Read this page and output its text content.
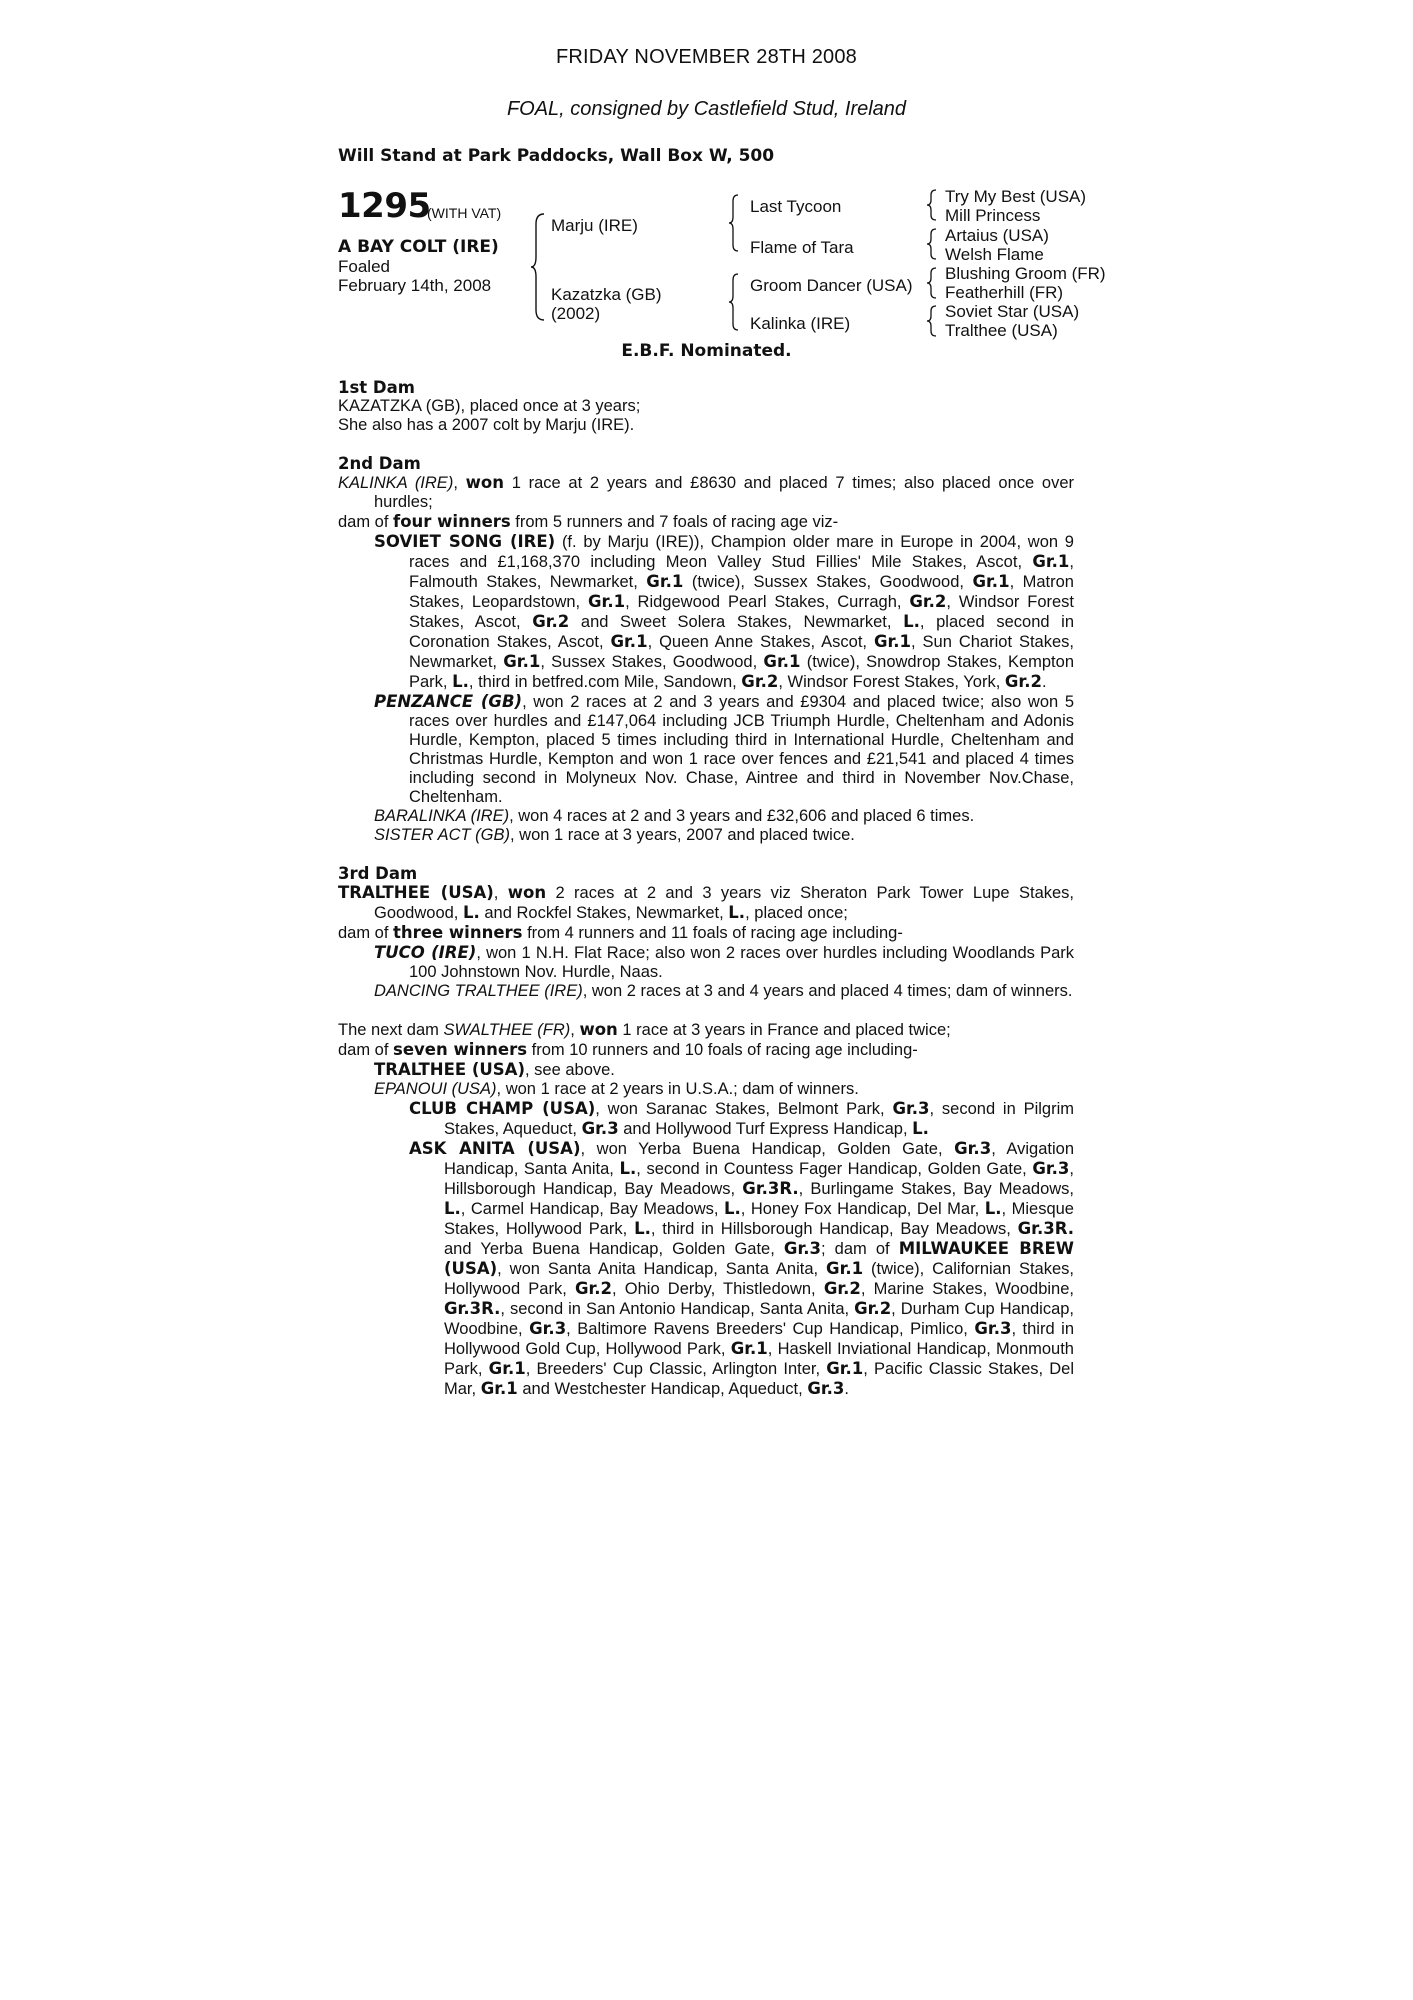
FRIDAY NOVEMBER 28TH 2008
FOAL, consigned by Castlefield Stud, Ireland
Will Stand at Park Paddocks, Wall Box W, 500
1295
(WITH VAT)
A BAY COLT (IRE)
Foaled
February 14th, 2008
Marju (IRE)
Kazatzka (GB)
(2002)
Last Tycoon
Flame of Tara
Groom Dancer (USA)
Kalinka (IRE)
Try My Best (USA)
Mill Princess
Artaius (USA)
Welsh Flame
Blushing Groom (FR)
Featherhill (FR)
Soviet Star (USA)
Tralthee (USA)
E.B.F. Nominated.

1st Dam

KAZATZKA (GB), placed once at 3 years;

She also has a 2007 colt by Marju (IRE).

2nd Dam

KALINKA (IRE), won 1 race at 2 years and £8630 and placed 7 times; also placed once over hurdles;

dam of four winners from 5 runners and 7 foals of racing age viz-

SOVIET SONG (IRE) (f. by Marju (IRE)), Champion older mare in Europe in 2004, won 9 races and £1,168,370 including Meon Valley Stud Fillies' Mile Stakes, Ascot, Gr.1, Falmouth Stakes, Newmarket, Gr.1 (twice), Sussex Stakes, Goodwood, Gr.1, Matron Stakes, Leopardstown, Gr.1, Ridgewood Pearl Stakes, Curragh, Gr.2, Windsor Forest Stakes, Ascot, Gr.2 and Sweet Solera Stakes, Newmarket, L., placed second in Coronation Stakes, Ascot, Gr.1, Queen Anne Stakes, Ascot, Gr.1, Sun Chariot Stakes, Newmarket, Gr.1, Sussex Stakes, Goodwood, Gr.1 (twice), Snowdrop Stakes, Kempton Park, L., third in betfred.com Mile, Sandown, Gr.2, Windsor Forest Stakes, York, Gr.2.

PENZANCE (GB), won 2 races at 2 and 3 years and £9304 and placed twice; also won 5 races over hurdles and £147,064 including JCB Triumph Hurdle, Cheltenham and Adonis Hurdle, Kempton, placed 5 times including third in International Hurdle, Cheltenham and Christmas Hurdle, Kempton and won 1 race over fences and £21,541 and placed 4 times including second in Molyneux Nov. Chase, Aintree and third in November Nov.Chase, Cheltenham.

BARALINKA (IRE), won 4 races at 2 and 3 years and £32,606 and placed 6 times.

SISTER ACT (GB), won 1 race at 3 years, 2007 and placed twice.

3rd Dam

TRALTHEE (USA), won 2 races at 2 and 3 years viz Sheraton Park Tower Lupe Stakes, Goodwood, L. and Rockfel Stakes, Newmarket, L., placed once;

dam of three winners from 4 runners and 11 foals of racing age including-

TUCO (IRE), won 1 N.H. Flat Race; also won 2 races over hurdles including Woodlands Park 100 Johnstown Nov. Hurdle, Naas.

DANCING TRALTHEE (IRE), won 2 races at 3 and 4 years and placed 4 times; dam of winners.

The next dam SWALTHEE (FR), won 1 race at 3 years in France and placed twice;

dam of seven winners from 10 runners and 10 foals of racing age including-

TRALTHEE (USA), see above.

EPANOUI (USA), won 1 race at 2 years in U.S.A.; dam of winners.

CLUB CHAMP (USA), won Saranac Stakes, Belmont Park, Gr.3, second in Pilgrim Stakes, Aqueduct, Gr.3 and Hollywood Turf Express Handicap, L.

ASK ANITA (USA), won Yerba Buena Handicap, Golden Gate, Gr.3, Avigation Handicap, Santa Anita, L., second in Countess Fager Handicap, Golden Gate, Gr.3, Hillsborough Handicap, Bay Meadows, Gr.3R., Burlingame Stakes, Bay Meadows, L., Carmel Handicap, Bay Meadows, L., Honey Fox Handicap, Del Mar, L., Miesque Stakes, Hollywood Park, L., third in Hillsborough Handicap, Bay Meadows, Gr.3R. and Yerba Buena Handicap, Golden Gate, Gr.3; dam of MILWAUKEE BREW (USA), won Santa Anita Handicap, Santa Anita, Gr.1 (twice), Californian Stakes, Hollywood Park, Gr.2, Ohio Derby, Thistledown, Gr.2, Marine Stakes, Woodbine, Gr.3R., second in San Antonio Handicap, Santa Anita, Gr.2, Durham Cup Handicap, Woodbine, Gr.3, Baltimore Ravens Breeders' Cup Handicap, Pimlico, Gr.3, third in Hollywood Gold Cup, Hollywood Park, Gr.1, Haskell Inviational Handicap, Monmouth Park, Gr.1, Breeders' Cup Classic, Arlington Inter, Gr.1, Pacific Classic Stakes, Del Mar, Gr.1 and Westchester Handicap, Aqueduct, Gr.3.
